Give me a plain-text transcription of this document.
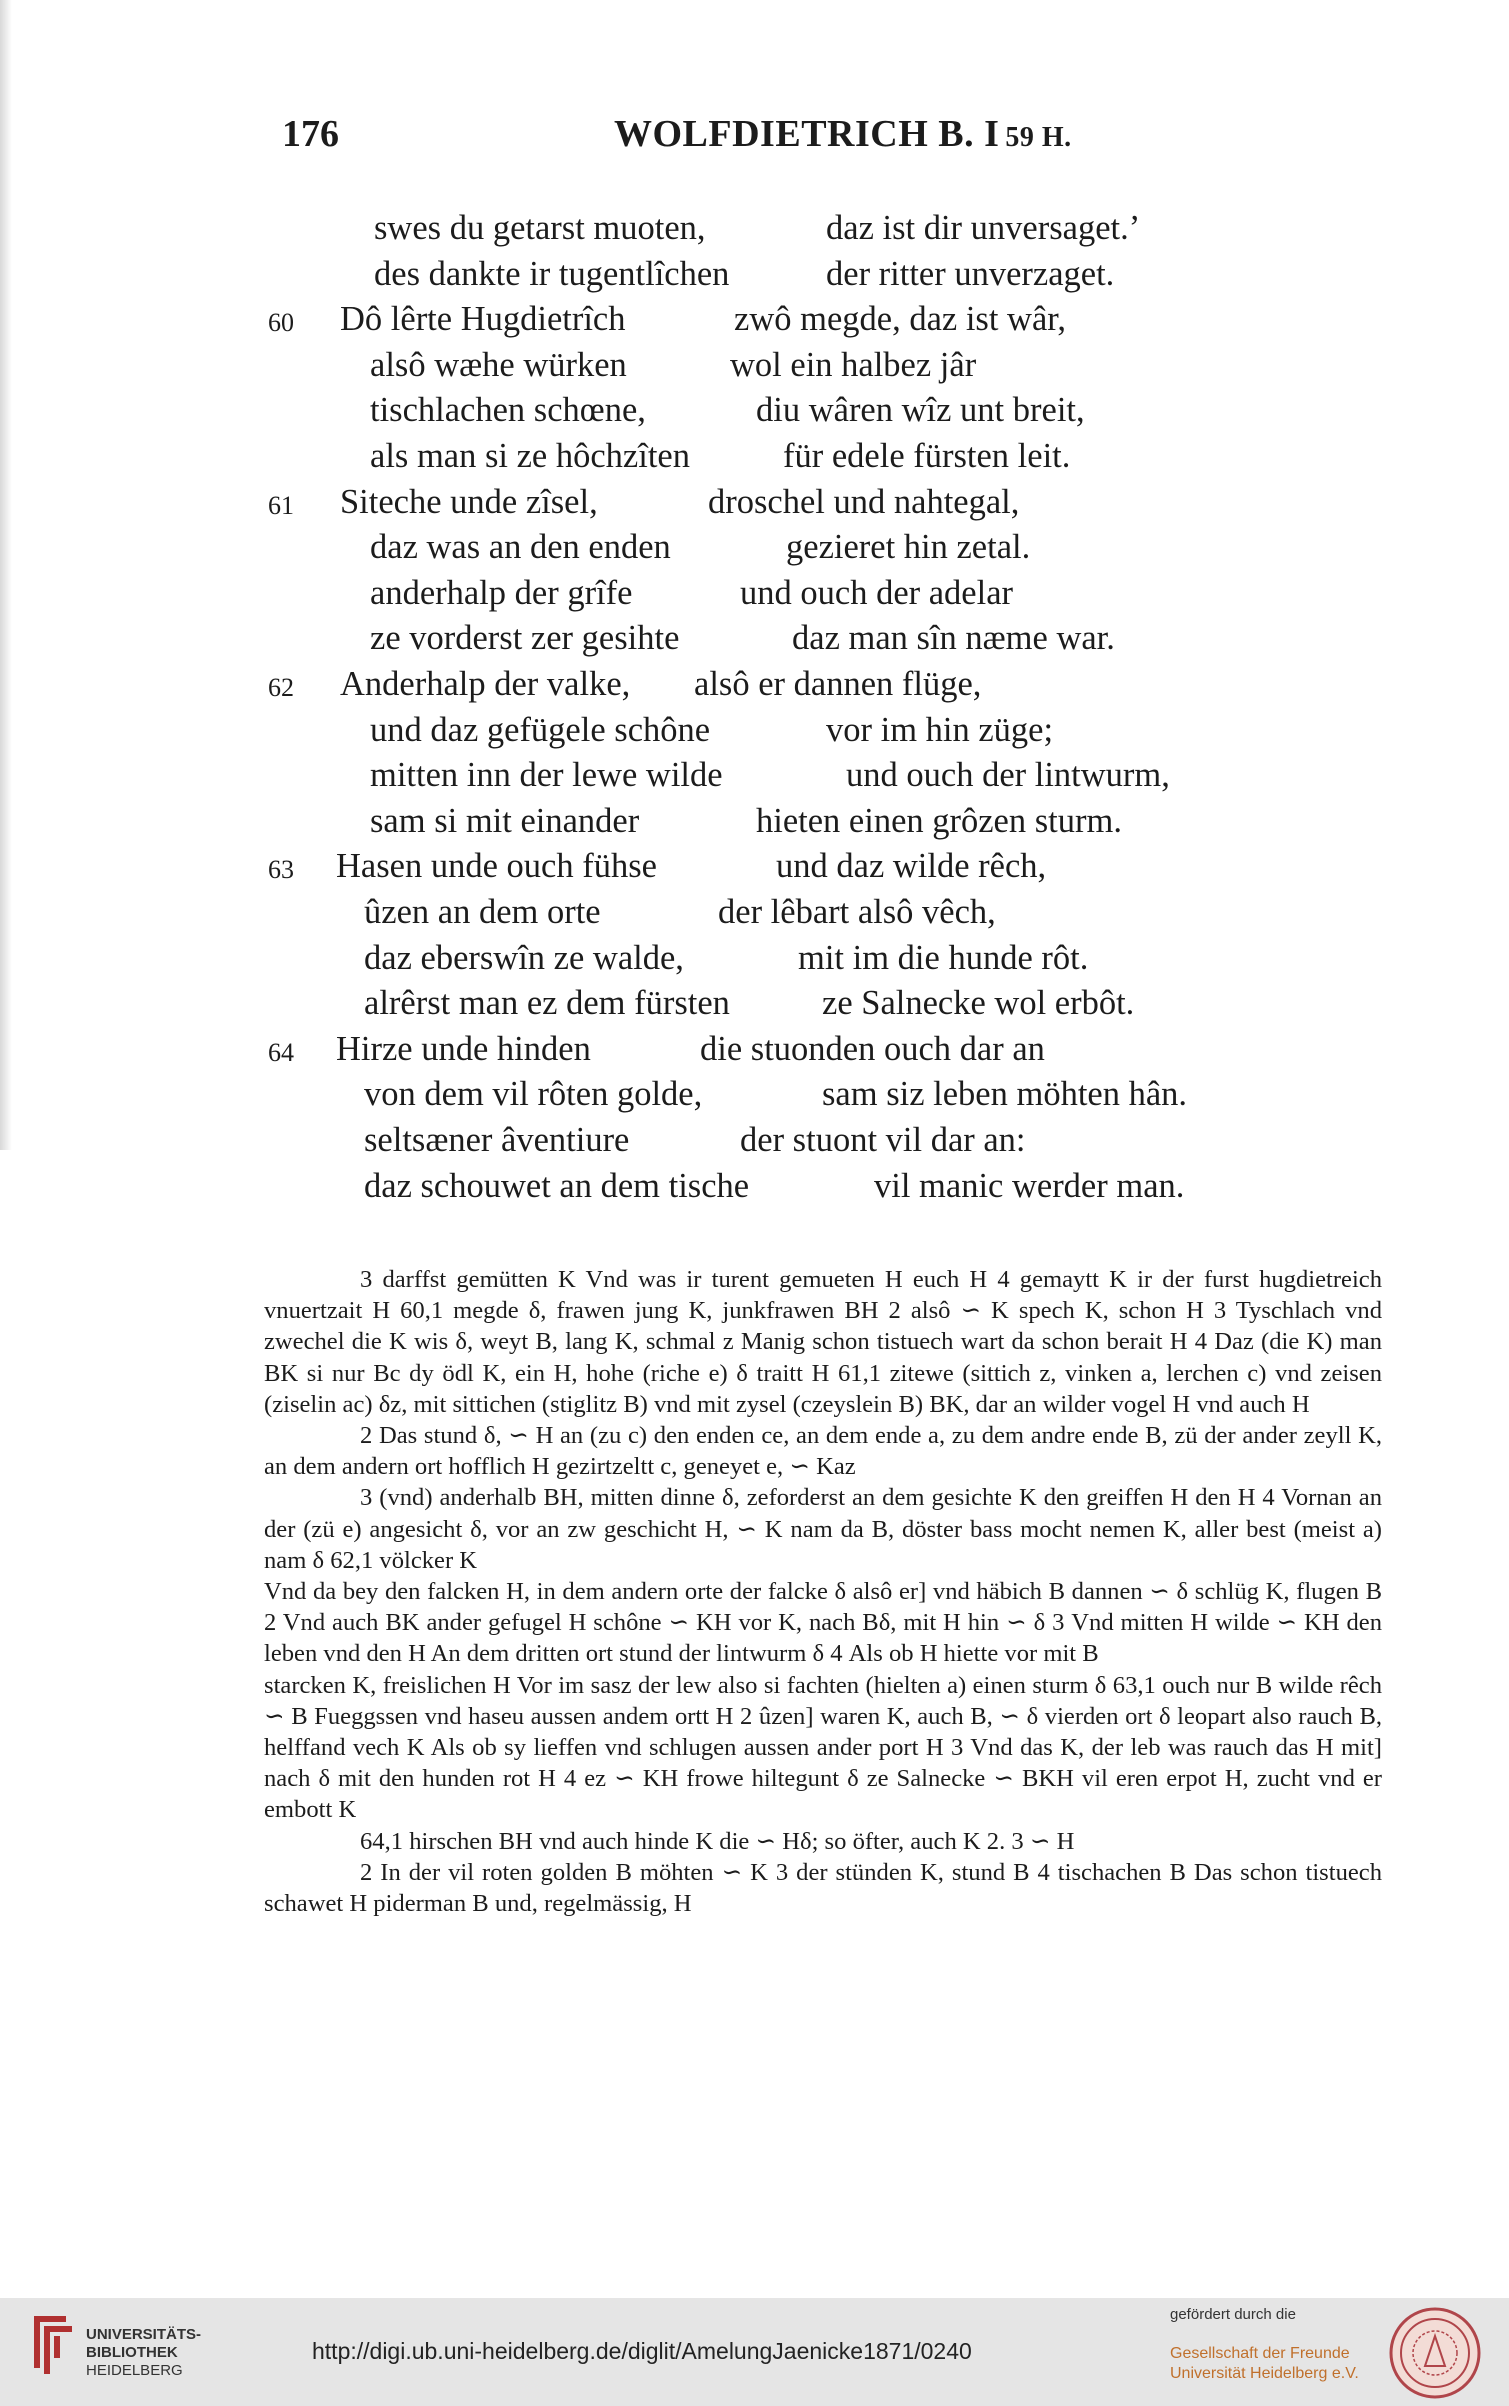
176	WOLFDIETRICH B. I 59 H.
swes du getarst muoten,	daz ist dir unversaget.’
des dankte ir tugentlîchen	der ritter unverzaget.
60 Dô lêrte Hugdietrîch	zwô megde, daz ist wâr,
alsô wæhe würken	wol ein halbez jâr
tischlachen schœne,	diu wâren wîz unt breit,
als man si ze hôchzîten	für edele fürsten leit.
61 Siteche unde zîsel,	droschel und nahtegal,
daz was an den enden	gezieret hin zetal.
anderhalp der grîfe	und ouch der adelar
ze vorderst zer gesihte	daz man sîn næme war.
62 Anderhalp der valke, alsô er dannen flüge,
und daz gefügele schône	vor im hin züge;
mitten inn der lewe wilde	und ouch der lintwurm,
sam si mit einander	hieten einen grôzen sturm.
63 Hasen unde ouch fühse	und daz wilde rêch,
ûzen an dem orte	der lêbart alsô vêch,
daz eberswîn ze walde,	mit im die hunde rôt.
alrêrst man ez dem fürsten	ze Salnecke wol erbôt.
64 Hirze unde hinden	die stuonden ouch dar an
von dem vil rôten golde,	sam siz leben möhten hân.
seltsæner âventiure	der stuont vil dar an:
daz schouwet an dem tische	vil manic werder man.

3 darffst gemütten K Vnd was ir turent gemueten H euch H 4 gemaytt K ir der furst hugdietreich vnuertzait H 60,1 megde δ, frawen jung K, junkfrawen BH 2 alsô ∽ K spech K, schon H 3 Tyschlach vnd zwechel die K wis δ, weyt B, lang K, schmal z Manig schon tistuech wart da schon berait H 4 Daz (die K) man BK si nur Bc dy ödl K, ein H, hohe (riche e) δ traitt H 61,1 zitewe (sittich z, vinken a, lerchen c) vnd zeisen (ziselin ac) δz, mit sittichen (stiglitz B) vnd mit zysel (czeyslein B) BK, dar an wilder vogel H vnd auch H

2 Das stund δ, ∽ H an (zu c) den enden ce, an dem ende a, zu dem andre ende B, zü der ander zeyll K, an dem andern ort hofflich H gezirtzeltt c, geneyet e, ∽ Kaz

3 (vnd) anderhalb BH, mitten dinne δ, zeforderst an dem gesichte K den greiffen H den H 4 Vornan an der (zü e) angesicht δ, vor an zw geschicht H, ∽ K nam da B, döster bass mocht nemen K, aller best (meist a) nam δ 62,1 völcker K

Vnd da bey den falcken H, in dem andern orte der falcke δ alsô er] vnd häbich B dannen ∽ δ schlüg K, flugen B 2 Vnd auch BK ander gefugel H schône ∽ KH vor K, nach Bδ, mit H hin ∽ δ 3 Vnd mitten H wilde ∽ KH den leben vnd den H An dem dritten ort stund der lintwurm δ 4 Als ob H hiette vor mit B

starcken K, freislichen H Vor im sasz der lew also si fachten (hielten a) einen sturm δ 63,1 ouch nur B wilde rêch ∽ B Fueggssen vnd haseu aussen andem ortt H 2 ûzen] waren K, auch B, ∽ δ vierden ort δ leopart also rauch B, helffand vech K Als ob sy lieffen vnd schlugen aussen ander port H 3 Vnd das K, der leb was rauch das H mit] nach δ mit den hunden rot H 4 ez ∽ KH frowe hiltegunt δ ze Salnecke ∽ BKH vil eren erpot H, zucht vnd er embott K

64,1 hirschen BH vnd auch hinde K die ∽ Hδ; so öfter, auch K 2. 3 ∽ H

2 In der vil roten golden B möhten ∽ K 3 der stünden K, stund B 4 tischachen B Das schon tistuech schawet H piderman B und, regelmässig, H

UNIVERSITÄTS-
BIBLIOTHEK
HEIDELBERG
http://digi.ub.uni-heidelberg.de/diglit/AmelungJaenicke1871/0240
gefördert durch die
Gesellschaft der Freunde
Universität Heidelberg e.V.
